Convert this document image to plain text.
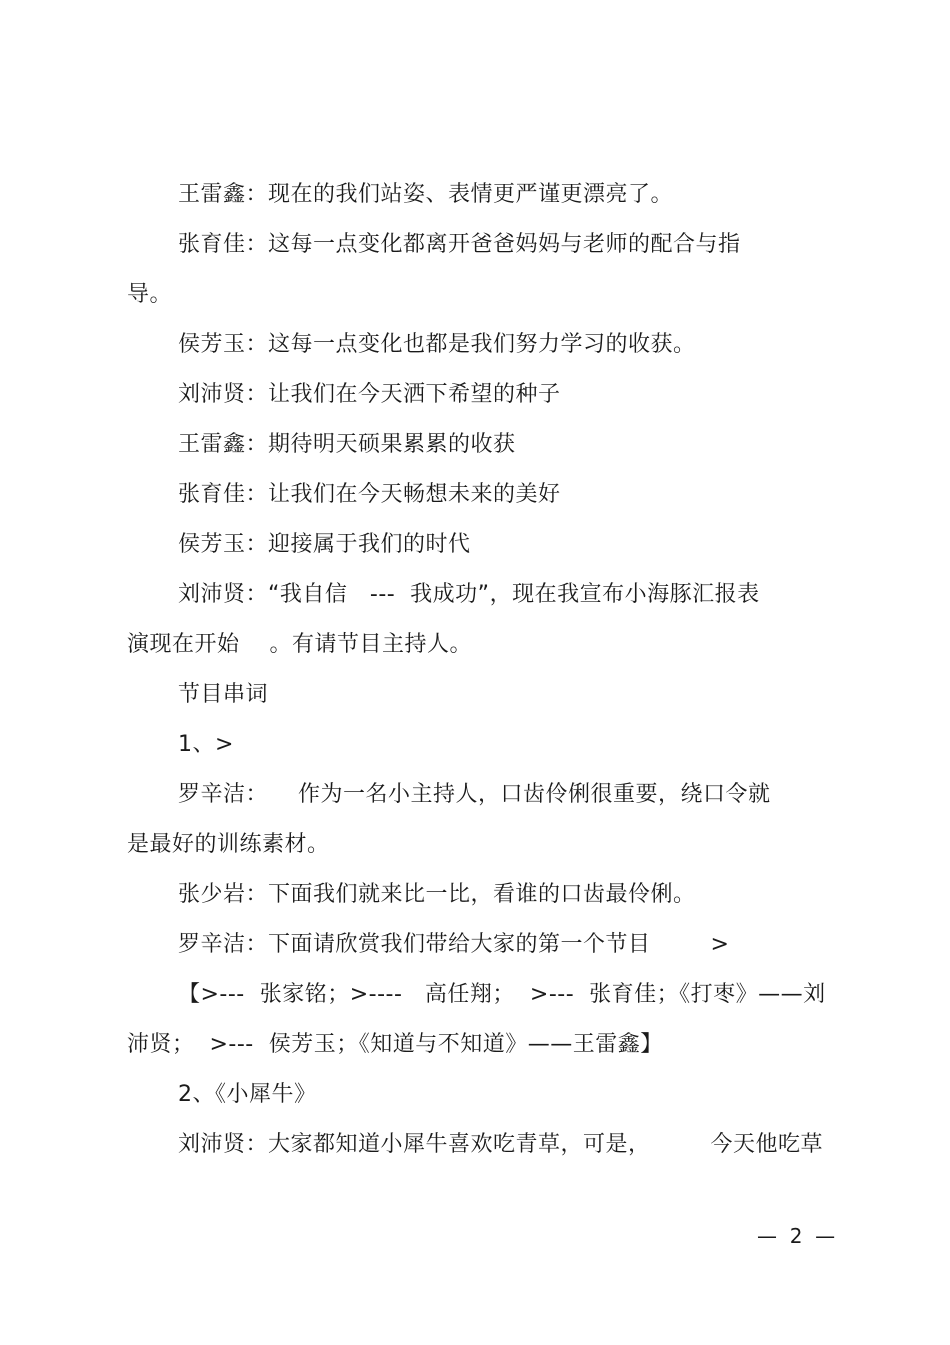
王雷鑫：现在的我们站姿、表情更严谨更漂亮了。
张育佳：这每一点变化都离开爸爸妈妈与老师的配合与指
导。
侯芳玉：这每一点变化也都是我们努力学习的收获。
刘沛贤：让我们在今天洒下希望的种子
王雷鑫：期待明天硕果累累的收获
张育佳：让我们在今天畅想未来的美好
侯芳玉：迎接属于我们的时代
刘沛贤：“我自信   ---  我成功”，现在我宣布小海豚汇报表
演现在开始    。有请节目主持人。
节目串词
1、>
罗辛洁：    作为一名小主持人，口齿伶俐很重要，绕口令就
是最好的训练素材。
张少岩：下面我们就来比一比，看谁的口齿最伶俐。
罗辛洁：下面请欣赏我们带给大家的第一个节目        >
【>---  张家铭；>----   高任翔；  >---  张育佳；《打枣》——刘
沛贤；  >---  侯芳玉；《知道与不知道》——王雷鑫】
2、《小犀牛》
刘沛贤：大家都知道小犀牛喜欢吃青草，可是，        今天他吃草
—  2  —
